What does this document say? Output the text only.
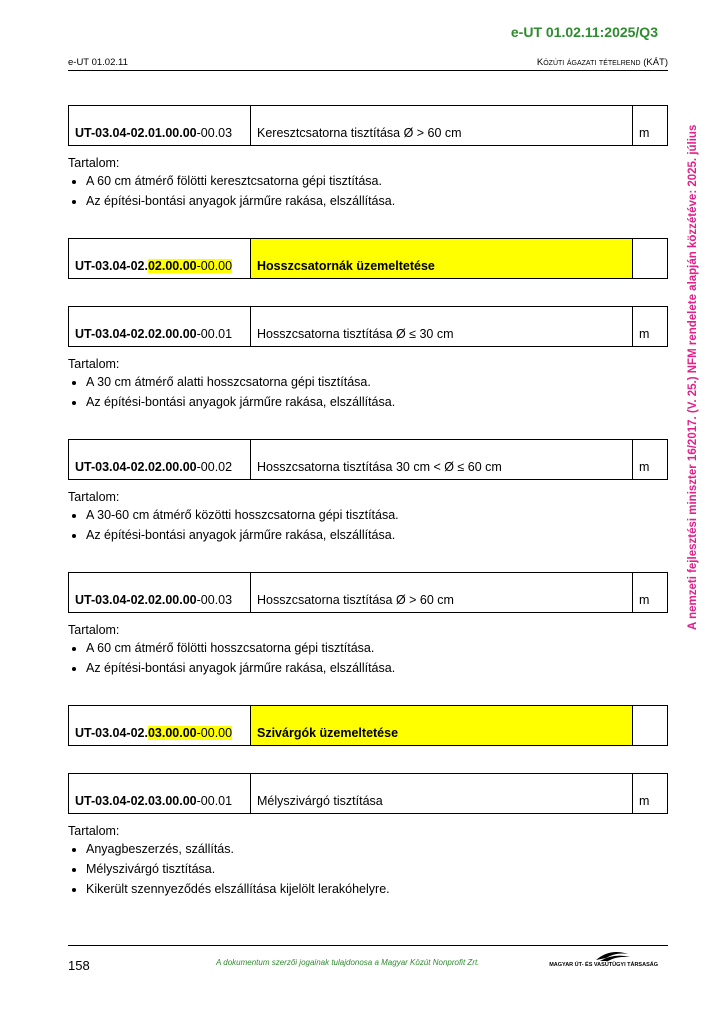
e-UT 01.02.11:2025/Q3
e-UT 01.02.11	Közúti ágazati tételrend (KÁT)
A nemzeti fejlesztési miniszter 16/2017. (V. 25.) NFM rendelete alapján közzétéve: 2025. július
UT-03.04-02.01.00.00-00.03	Keresztcsatorna tisztítása Ø > 60 cm	m
Tartalom:
• A 60 cm átmérő fölötti keresztcsatorna gépi tisztítása.
• Az építési-bontási anyagok járműre rakása, elszállítása.
UT-03.04-02.02.00.00-00.00	Hosszcsatornák üzemeltetése	
UT-03.04-02.02.00.00-00.01	Hosszcsatorna tisztítása Ø ≤ 30 cm	m
Tartalom:
• A 30 cm átmérő alatti hosszcsatorna gépi tisztítása.
• Az építési-bontási anyagok járműre rakása, elszállítása.
UT-03.04-02.02.00.00-00.02	Hosszcsatorna tisztítása 30 cm < Ø ≤ 60 cm	m
Tartalom:
• A 30-60 cm átmérő közötti hosszcsatorna gépi tisztítása.
• Az építési-bontási anyagok járműre rakása, elszállítása.
UT-03.04-02.02.00.00-00.03	Hosszcsatorna tisztítása Ø > 60 cm	m
Tartalom:
• A 60 cm átmérő fölötti hosszcsatorna gépi tisztítása.
• Az építési-bontási anyagok járműre rakása, elszállítása.
UT-03.04-02.03.00.00-00.00	Szivárgók üzemeltetése	
UT-03.04-02.03.00.00-00.01	Mélyszivárgó tisztítása	m
Tartalom:
• Anyagbeszerzés, szállítás.
• Mélyszivárgó tisztítása.
• Kikerült szennyeződés elszállítása kijelölt lerakóhelyre.
158	A dokumentum szerzői jogainak tulajdonosa a Magyar Közút Nonprofit Zrt.	MAGYAR ÚT- ÉS VASÚTÜGYI TÁRSASÁG
